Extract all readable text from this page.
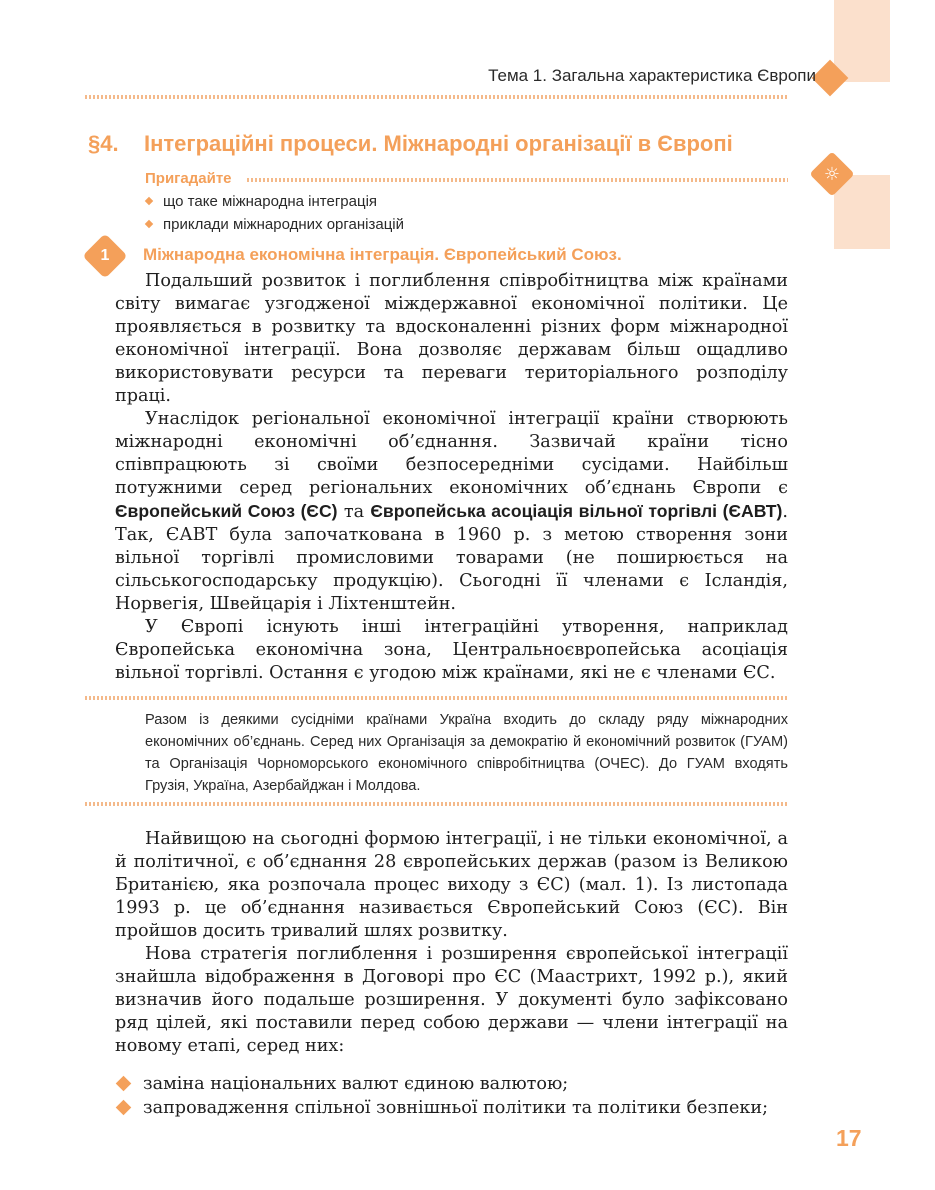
Тема 1. Загальна характеристика Європи
§4. Інтеграційні процеси. Міжнародні організації в Європі
☼
Пригадайте
що таке міжнародна інтеграція
приклади міжнародних організацій
1	Міжнародна економічна інтеграція. Європейський Союз.

Подальший розвиток і поглиблення співробітництва між країнами світу вимагає узгодженої міждержавної економічної політики. Це проявляється в розвитку та вдосконаленні різних форм міжнародної економічної інтеграції. Вона дозволяє державам більш ощадливо використовувати ресурси та переваги територіального розподілу праці.

Унаслідок регіональної економічної інтеграції країни створюють міжнародні економічні об’єднання. Зазвичай країни тісно співпрацюють зі своїми безпосередніми сусідами. Найбільш потужними серед регіональних економічних об’єднань Європи є Європейський Союз (ЄС) та Європейська асоціація вільної торгівлі (ЄАВТ). Так, ЄАВТ була започаткована в 1960 р. з метою створення зони вільної торгівлі промисловими товарами (не поширюється на сільськогосподарську продукцію). Сьогодні її членами є Ісландія, Норвегія, Швейцарія і Ліхтенштейн.

У Європі існують інші інтеграційні утворення, наприклад Європейська економічна зона, Центральноєвропейська асоціація вільної торгівлі. Остання є угодою між країнами, які не є членами ЄС.

Разом із деякими сусідніми країнами Україна входить до складу ряду міжнародних економічних об’єднань. Серед них Організація за демократію й економічний розвиток (ГУАМ) та Організація Чорноморського економічного співробітництва (ОЧЕС). До ГУАМ входять Грузія, Україна, Азербайджан і Молдова.

Найвищою на сьогодні формою інтеграції, і не тільки економічної, а й політичної, є об’єднання 28 європейських держав (разом із Великою Британією, яка розпочала процес виходу з ЄС) (мал. 1). Із листопада 1993 р. це об’єднання називається Європейський Союз (ЄС). Він пройшов досить тривалий шлях розвитку.

Нова стратегія поглиблення і розширення європейської інтеграції знайшла відображення в Договорі про ЄС (Маастрихт, 1992 р.), який визначив його подальше розширення. У документі було зафіксовано ряд цілей, які поставили перед собою держави — члени інтеграції на новому етапі, серед них:

заміна національних валют єдиною валютою;
запровадження спільної зовнішньої політики та політики безпеки;
17
